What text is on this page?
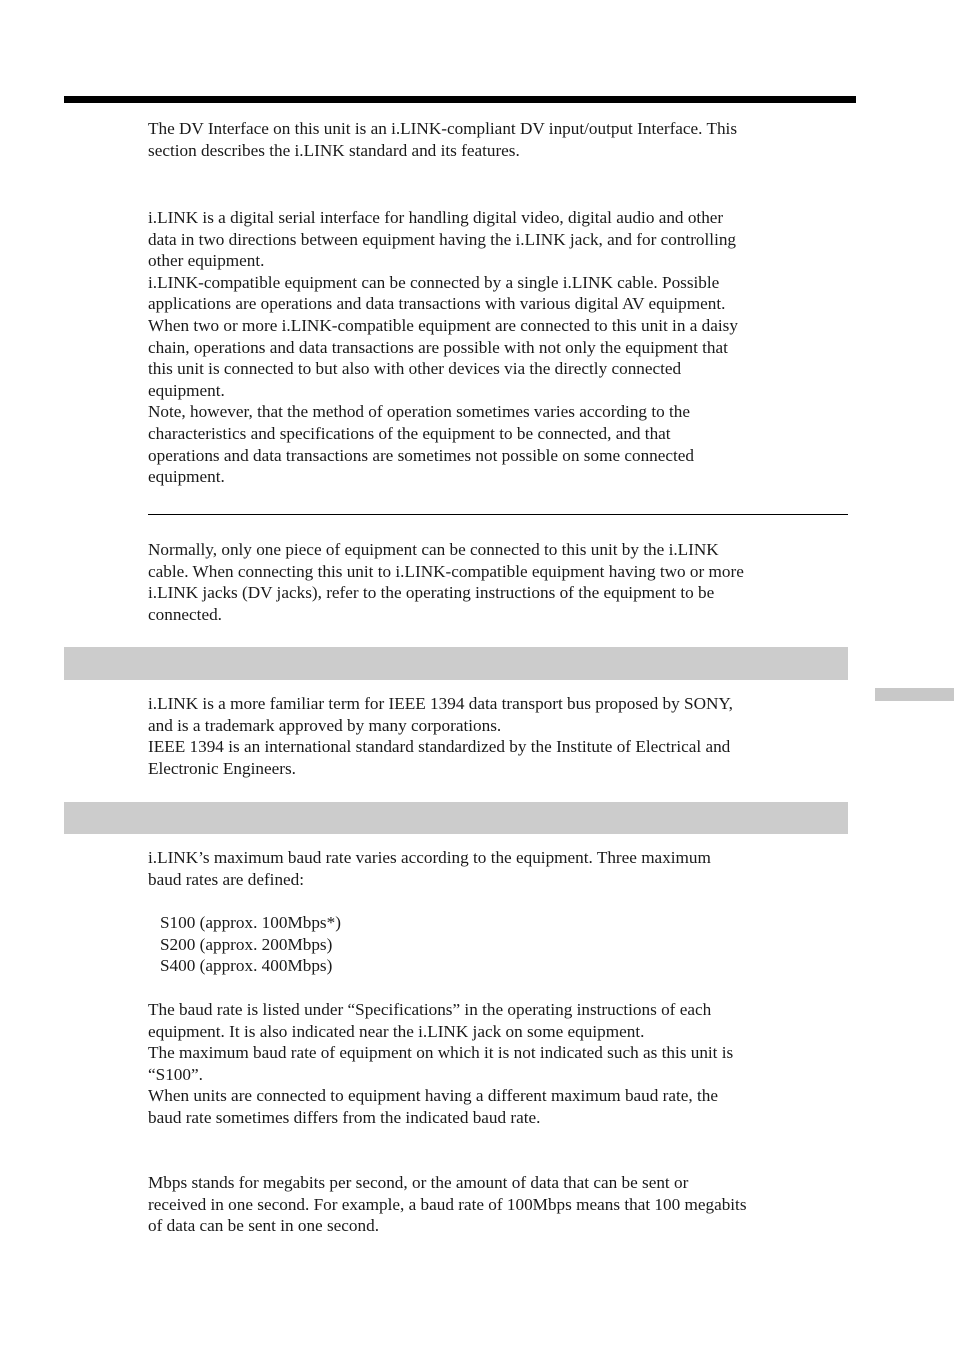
The DV Interface on this unit is an i.LINK-compliant DV input/output Interface. This
section describes the i.LINK standard and its features.

i.LINK is a digital serial interface for handling digital video, digital audio and other
data in two directions between equipment having the i.LINK jack, and for controlling
other equipment.
i.LINK-compatible equipment can be connected by a single i.LINK cable. Possible
applications are operations and data transactions with various digital AV equipment.
When two or more i.LINK-compatible equipment are connected to this unit in a daisy
chain, operations and data transactions are possible with not only the equipment that
this unit is connected to but also with other devices via the directly connected
equipment.
Note, however, that the method of operation sometimes varies according to the
characteristics and specifications of the equipment to be connected, and that
operations and data transactions are sometimes not possible on some connected
equipment.

Normally, only one piece of equipment can be connected to this unit by the i.LINK
cable. When connecting this unit to i.LINK-compatible equipment having two or more
i.LINK jacks (DV jacks), refer to the operating instructions of the equipment to be
connected.

i.LINK is a more familiar term for IEEE 1394 data transport bus proposed by SONY,
and is a trademark approved by many corporations.
IEEE 1394 is an international standard standardized by the Institute of Electrical and
Electronic Engineers.

i.LINK’s maximum baud rate varies according to the equipment. Three maximum
baud rates are defined:

S100 (approx. 100Mbps*)
S200 (approx. 200Mbps)
S400 (approx. 400Mbps)

The baud rate is listed under “Specifications” in the operating instructions of each
equipment. It is also indicated near the i.LINK jack on some equipment.
The maximum baud rate of equipment on which it is not indicated such as this unit is
“S100”.
When units are connected to equipment having a different maximum baud rate, the
baud rate sometimes differs from the indicated baud rate.

Mbps stands for megabits per second, or the amount of data that can be sent or
received in one second. For example, a baud rate of 100Mbps means that 100 megabits
of data can be sent in one second.
